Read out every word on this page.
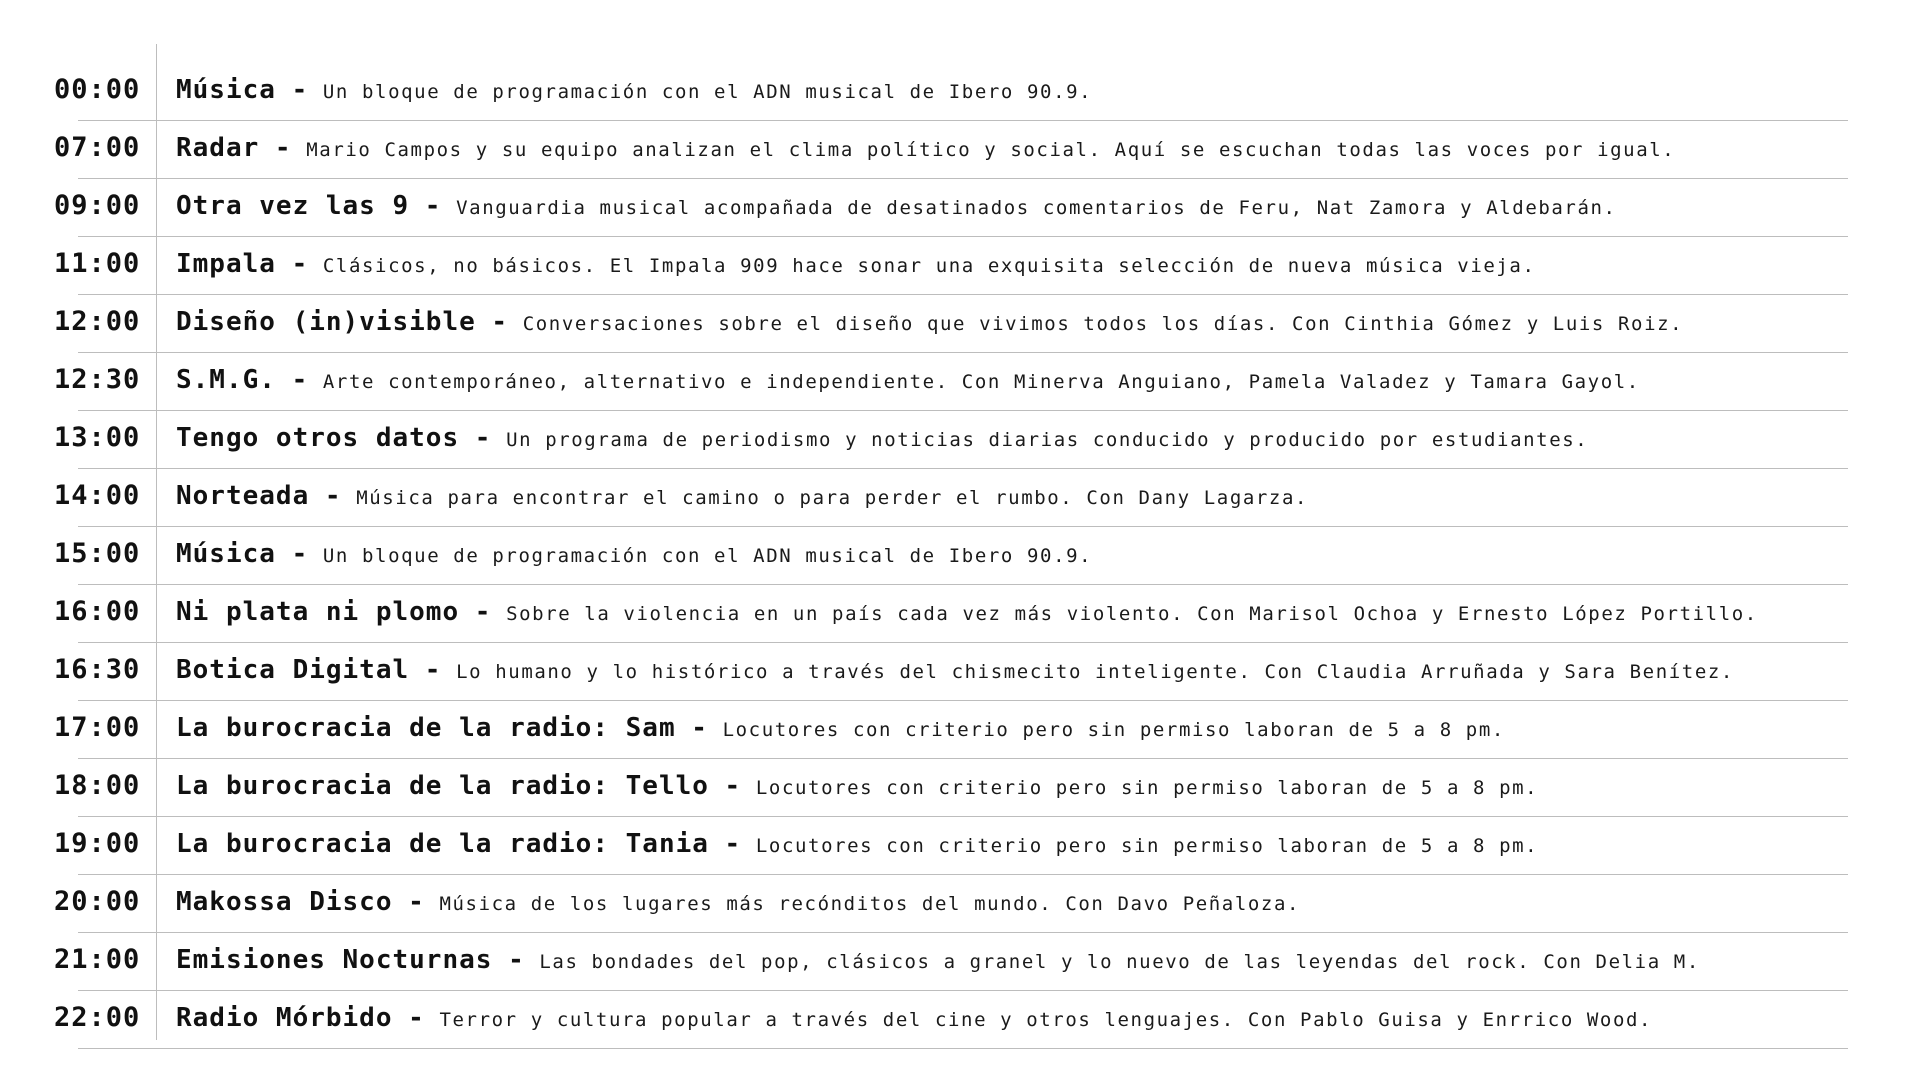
00:00 Música - Un bloque de programación con el ADN musical de Ibero 90.9.
07:00 Radar - Mario Campos y su equipo analizan el clima político y social. Aquí se escuchan todas las voces por igual.
09:00 Otra vez las 9 - Vanguardia musical acompañada de desatinados comentarios de Feru, Nat Zamora y Aldebarán.
11:00 Impala - Clásicos, no básicos. El Impala 909 hace sonar una exquisita selección de nueva música vieja.
12:00 Diseño (in)visible - Conversaciones sobre el diseño que vivimos todos los días. Con Cinthia Gómez y Luis Roiz.
12:30 S.M.G. - Arte contemporáneo, alternativo e independiente. Con Minerva Anguiano, Pamela Valadez y Tamara Gayol.
13:00 Tengo otros datos - Un programa de periodismo y noticias diarias conducido y producido por estudiantes.
14:00 Norteada - Música para encontrar el camino o para perder el rumbo. Con Dany Lagarza.
15:00 Música - Un bloque de programación con el ADN musical de Ibero 90.9.
16:00 Ni plata ni plomo - Sobre la violencia en un país cada vez más violento. Con Marisol Ochoa y Ernesto López Portillo.
16:30 Botica Digital - Lo humano y lo histórico a través del chismecito inteligente. Con Claudia Arruñada y Sara Benítez.
17:00 La burocracia de la radio: Sam - Locutores con criterio pero sin permiso laboran de 5 a 8 pm.
18:00 La burocracia de la radio: Tello - Locutores con criterio pero sin permiso laboran de 5 a 8 pm.
19:00 La burocracia de la radio: Tania - Locutores con criterio pero sin permiso laboran de 5 a 8 pm.
20:00 Makossa Disco - Música de los lugares más recónditos del mundo. Con Davo Peñaloza.
21:00 Emisiones Nocturnas - Las bondades del pop, clásicos a granel y lo nuevo de las leyendas del rock. Con Delia M.
22:00 Radio Mórbido - Terror y cultura popular a través del cine y otros lenguajes. Con Pablo Guisa y Enrrico Wood.
